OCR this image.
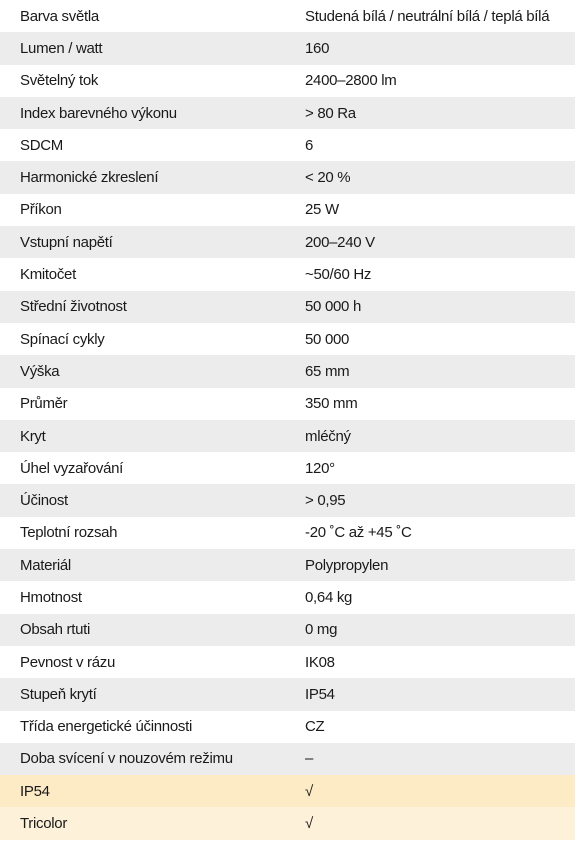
Barva světla	Studená bílá / neutrální bílá / teplá bílá
Lumen / watt	160
Světelný tok	2400–2800 lm
Index barevného výkonu	> 80 Ra
SDCM	6
Harmonické zkreslení	< 20 %
Příkon	25 W
Vstupní napětí	200–240 V
Kmitočet	~50/60 Hz
Střední životnost	50 000 h
Spínací cykly	50 000
Výška	65 mm
Průměr	350 mm
Kryt	mléčný
Úhel vyzařování	120°
Účinost	> 0,95
Teplotní rozsah	-20 ˚C až +45 ˚C
Materiál	Polypropylen
Hmotnost	0,64 kg
Obsah rtuti	0 mg
Pevnost v rázu	IK08
Stupeň krytí	IP54
Třída energetické účinnosti	CZ
Doba svícení v nouzovém režimu	–
IP54	√
Tricolor	√
